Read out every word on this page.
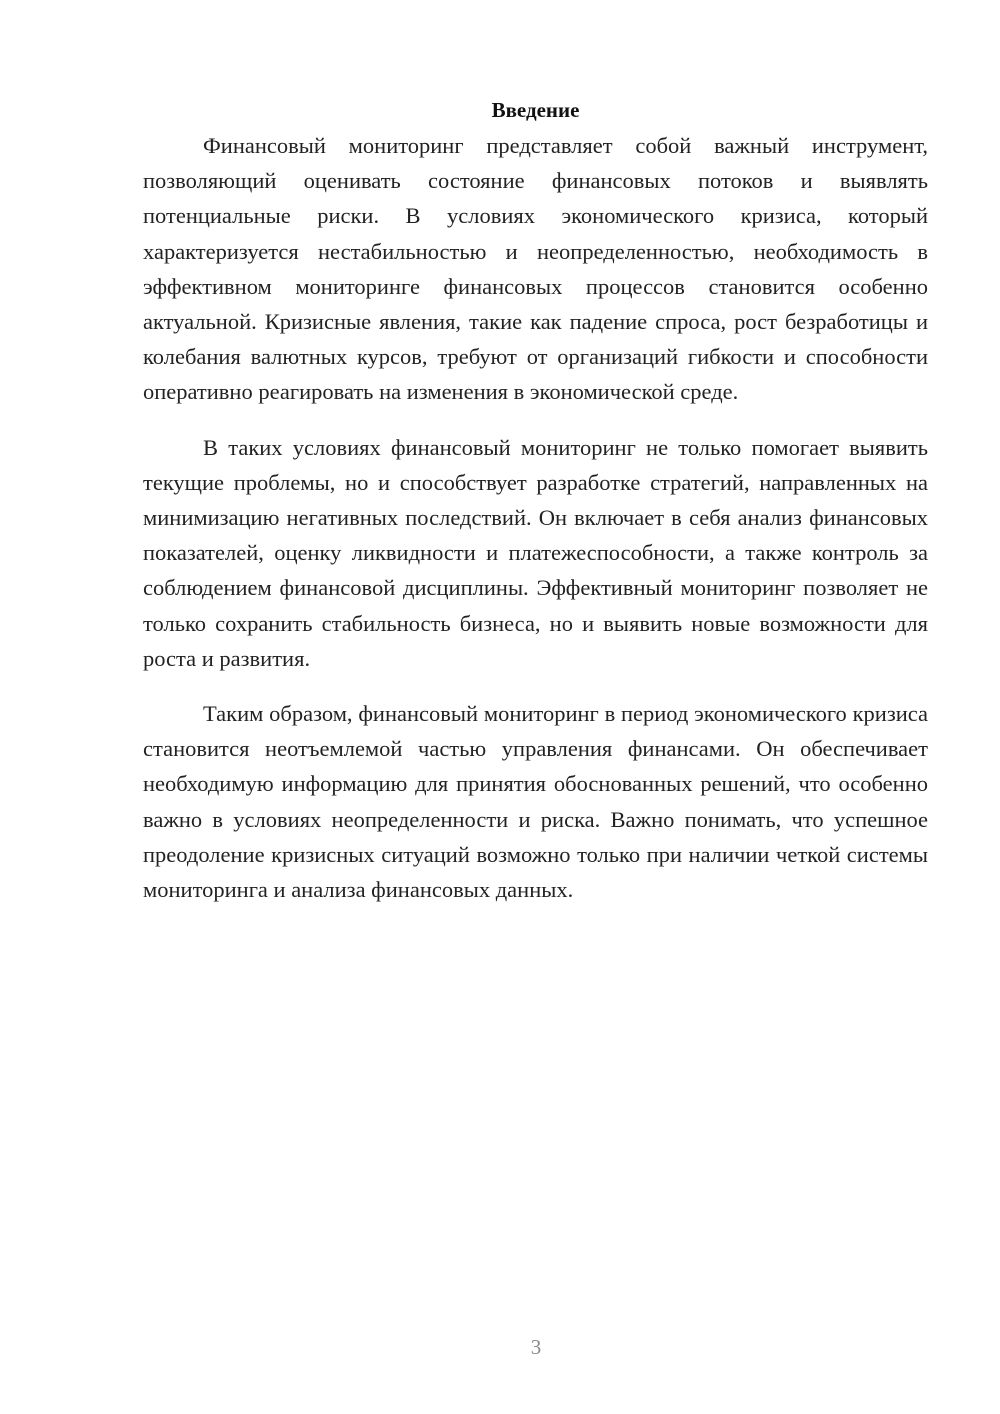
Введение

Финансовый мониторинг представляет собой важный инструмент, позволяющий оценивать состояние финансовых потоков и выявлять потенциальные риски. В условиях экономического кризиса, который характеризуется нестабильностью и неопределенностью, необходимость в эффективном мониторинге финансовых процессов становится особенно актуальной. Кризисные явления, такие как падение спроса, рост безработицы и колебания валютных курсов, требуют от организаций гибкости и способности оперативно реагировать на изменения в экономической среде.

В таких условиях финансовый мониторинг не только помогает выявить текущие проблемы, но и способствует разработке стратегий, направленных на минимизацию негативных последствий. Он включает в себя анализ финансовых показателей, оценку ликвидности и платежеспособности, а также контроль за соблюдением финансовой дисциплины. Эффективный мониторинг позволяет не только сохранить стабильность бизнеса, но и выявить новые возможности для роста и развития.

Таким образом, финансовый мониторинг в период экономического кризиса становится неотъемлемой частью управления финансами. Он обеспечивает необходимую информацию для принятия обоснованных решений, что особенно важно в условиях неопределенности и риска. Важно понимать, что успешное преодоление кризисных ситуаций возможно только при наличии четкой системы мониторинга и анализа финансовых данных.

3
